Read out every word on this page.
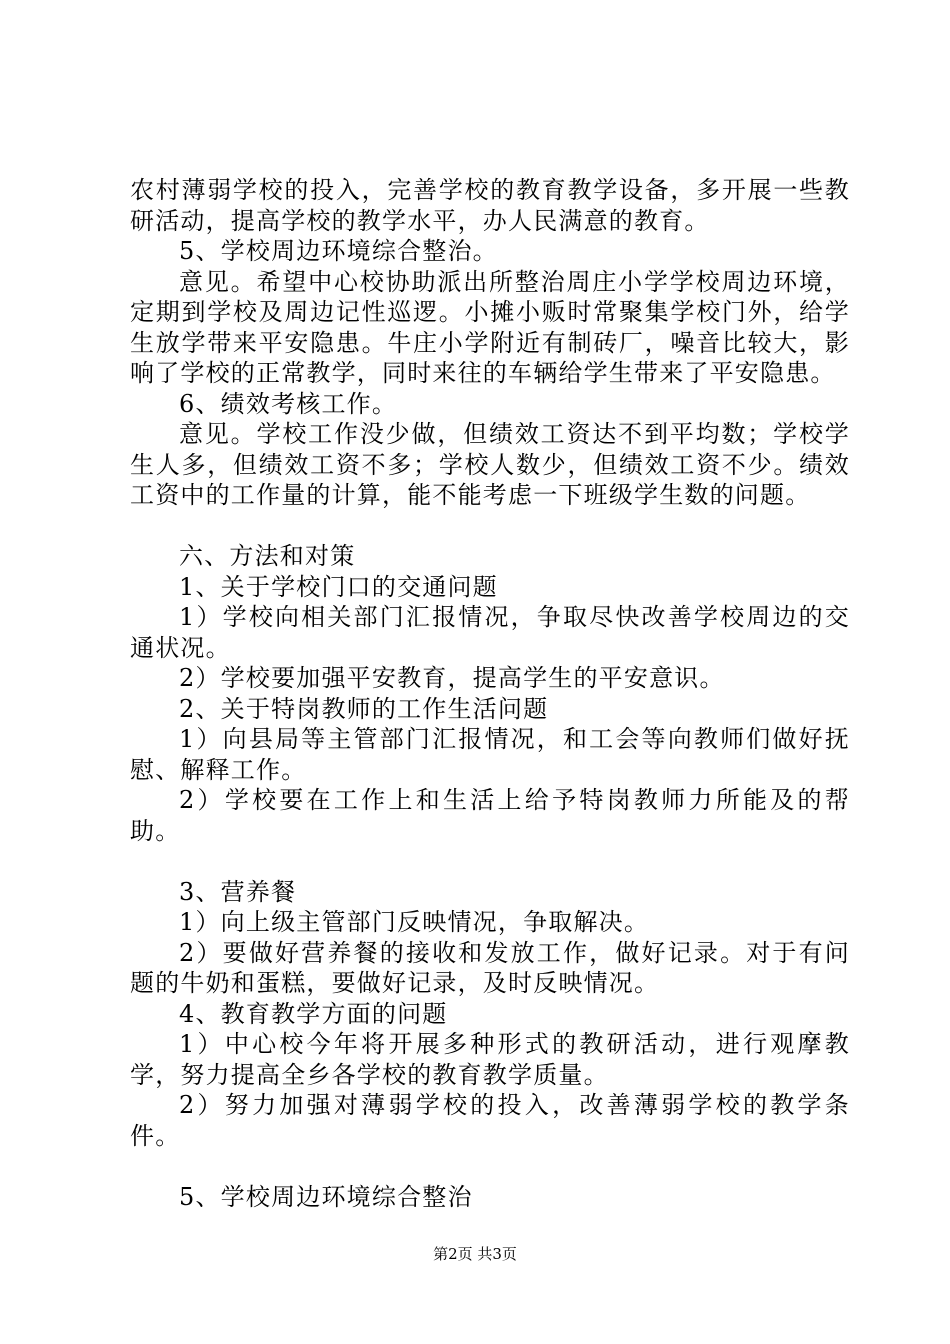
农村薄弱学校的投入，完善学校的教育教学设备，多开展一些教研活动，提高学校的教学水平，办人民满意的教育。

5、学校周边环境综合整治。

意见。希望中心校协助派出所整治周庄小学学校周边环境，定期到学校及周边记性巡逻。小摊小贩时常聚集学校门外，给学生放学带来平安隐患。牛庄小学附近有制砖厂，噪音比较大，影响了学校的正常教学，同时来往的车辆给学生带来了平安隐患。

6、绩效考核工作。

意见。学校工作没少做，但绩效工资达不到平均数；学校学生人多，但绩效工资不多；学校人数少，但绩效工资不少。绩效工资中的工作量的计算，能不能考虑一下班级学生数的问题。

六、方法和对策

1、关于学校门口的交通问题

1）学校向相关部门汇报情况，争取尽快改善学校周边的交通状况。

2）学校要加强平安教育，提高学生的平安意识。

2、关于特岗教师的工作生活问题

1）向县局等主管部门汇报情况，和工会等向教师们做好抚慰、解释工作。

2）学校要在工作上和生活上给予特岗教师力所能及的帮助。

3、营养餐

1）向上级主管部门反映情况，争取解决。

2）要做好营养餐的接收和发放工作，做好记录。对于有问题的牛奶和蛋糕，要做好记录，及时反映情况。

4、教育教学方面的问题

1）中心校今年将开展多种形式的教研活动，进行观摩教学，努力提高全乡各学校的教育教学质量。

2）努力加强对薄弱学校的投入，改善薄弱学校的教学条件。

5、学校周边环境综合整治

第2页 共3页
